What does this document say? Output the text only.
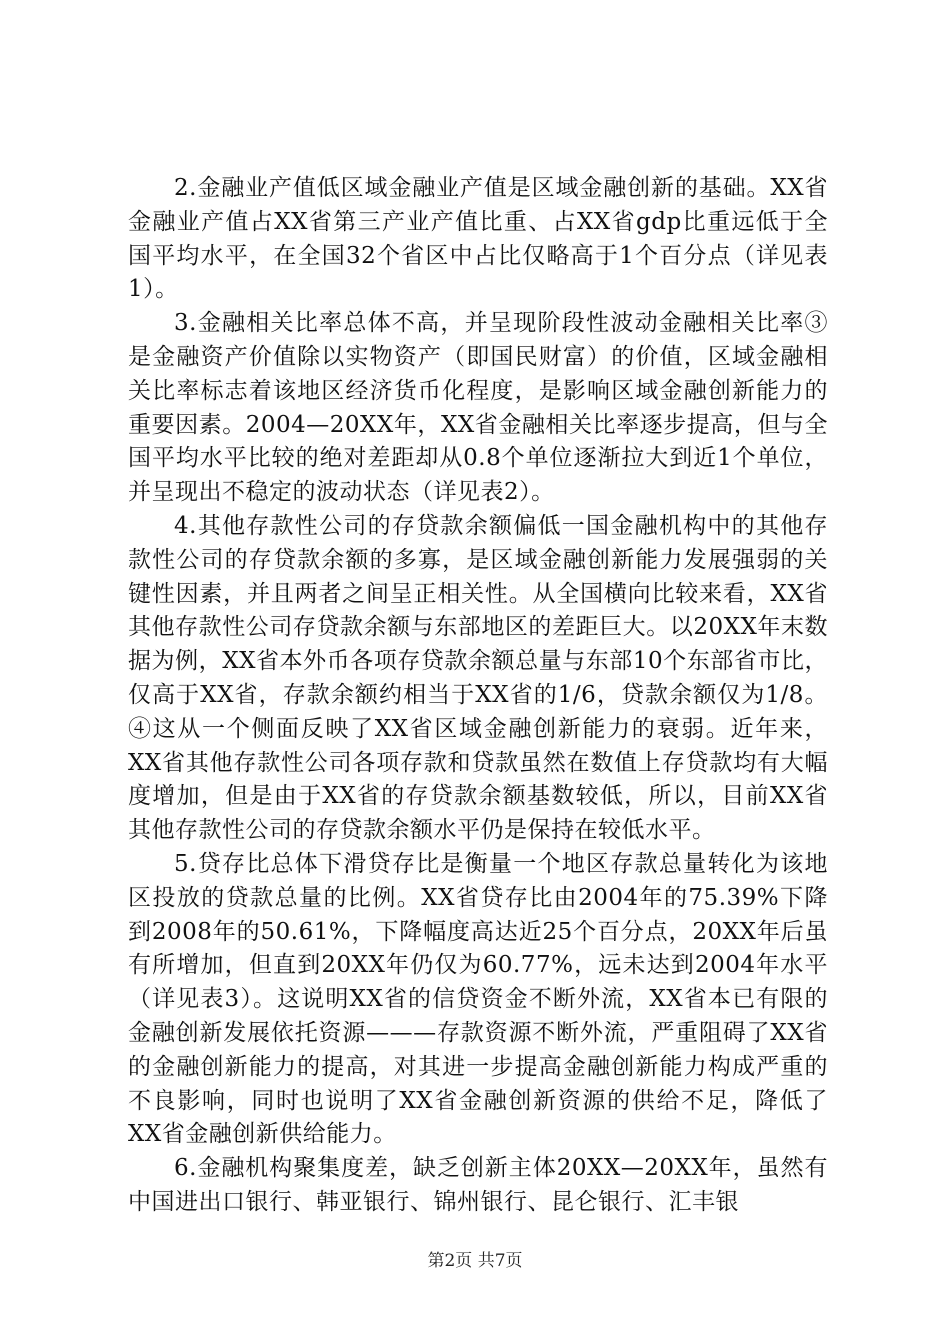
2.金融业产值低区域金融业产值是区域金融创新的基础。XX省金融业产值占XX省第三产业产值比重、占XX省gdp比重远低于全国平均水平，在全国32个省区中占比仅略高于1个百分点（详见表1）。

3.金融相关比率总体不高，并呈现阶段性波动金融相关比率③是金融资产价值除以实物资产（即国民财富）的价值，区域金融相关比率标志着该地区经济货币化程度，是影响区域金融创新能力的重要因素。2004—20XX年，XX省金融相关比率逐步提高，但与全国平均水平比较的绝对差距却从0.8个单位逐渐拉大到近1个单位，并呈现出不稳定的波动状态（详见表2）。

4.其他存款性公司的存贷款余额偏低一国金融机构中的其他存款性公司的存贷款余额的多寡，是区域金融创新能力发展强弱的关键性因素，并且两者之间呈正相关性。从全国横向比较来看，XX省其他存款性公司存贷款余额与东部地区的差距巨大。以20XX年末数据为例，XX省本外币各项存贷款余额总量与东部10个东部省市比，仅高于XX省，存款余额约相当于XX省的1/6，贷款余额仅为1/8。④这从一个侧面反映了XX省区域金融创新能力的衰弱。近年来，XX省其他存款性公司各项存款和贷款虽然在数值上存贷款均有大幅度增加，但是由于XX省的存贷款余额基数较低，所以，目前XX省其他存款性公司的存贷款余额水平仍是保持在较低水平。

5.贷存比总体下滑贷存比是衡量一个地区存款总量转化为该地区投放的贷款总量的比例。XX省贷存比由2004年的75.39%下降到2008年的50.61%，下降幅度高达近25个百分点，20XX年后虽有所增加，但直到20XX年仍仅为60.77%，远未达到2004年水平（详见表3）。这说明XX省的信贷资金不断外流，XX省本已有限的金融创新发展依托资源———存款资源不断外流，严重阻碍了XX省的金融创新能力的提高，对其进一步提高金融创新能力构成严重的不良影响，同时也说明了XX省金融创新资源的供给不足，降低了XX省金融创新供给能力。

6.金融机构聚集度差，缺乏创新主体20XX—20XX年，虽然有中国进出口银行、韩亚银行、锦州银行、昆仑银行、汇丰银

第2页 共7页
